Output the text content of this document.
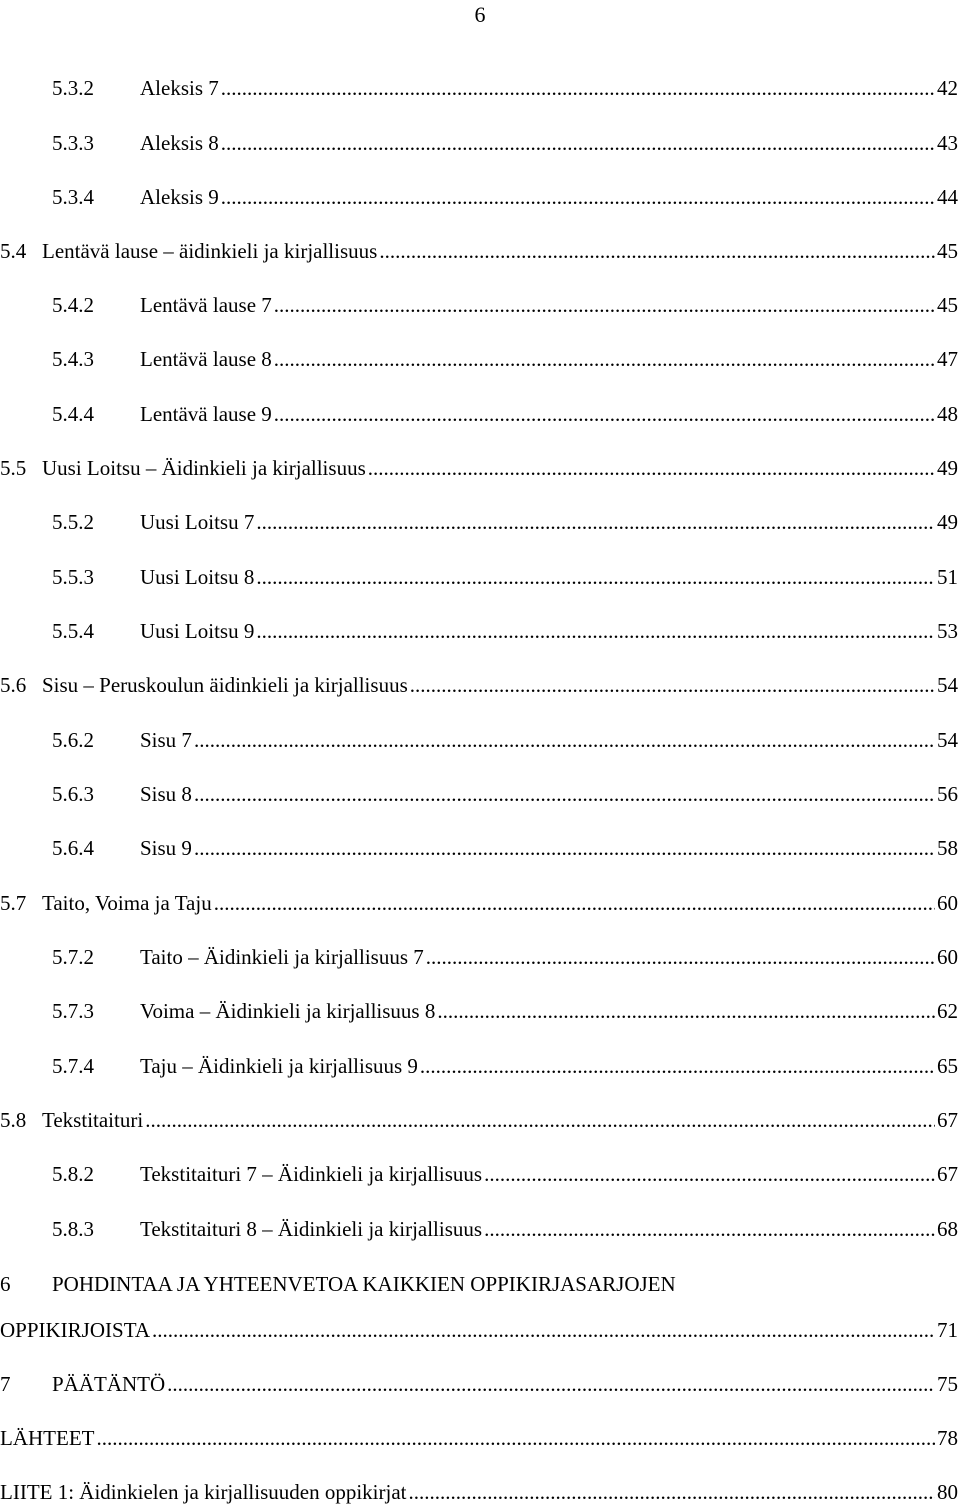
6
5.3.2	Aleksis 7 .....	42
5.3.3	Aleksis 8 .....	43
5.3.4	Aleksis 9 .....	44
5.4 Lentävä lause – äidinkieli ja kirjallisuus .....	45
5.4.2	Lentävä lause 7 .....	45
5.4.3	Lentävä lause 8 .....	47
5.4.4	Lentävä lause 9 .....	48
5.5 Uusi Loitsu – Äidinkieli ja kirjallisuus .....	49
5.5.2	Uusi Loitsu 7 .....	49
5.5.3	Uusi Loitsu 8 .....	51
5.5.4	Uusi Loitsu 9 .....	53
5.6 Sisu – Peruskoulun äidinkieli ja kirjallisuus .....	54
5.6.2	Sisu 7 .....	54
5.6.3	Sisu 8 .....	56
5.6.4	Sisu 9 .....	58
5.7 Taito, Voima ja Taju .....	60
5.7.2	Taito – Äidinkieli ja kirjallisuus 7 .....	60
5.7.3	Voima – Äidinkieli ja kirjallisuus 8 .....	62
5.7.4	Taju – Äidinkieli ja kirjallisuus 9 .....	65
5.8 Tekstitaituri .....	67
5.8.2	Tekstitaituri 7 – Äidinkieli ja kirjallisuus .....	67
5.8.3	Tekstitaituri 8 – Äidinkieli ja kirjallisuus .....	68
6 POHDINTAA JA YHTEENVETOA KAIKKIEN OPPIKIRJASARJOJEN
OPPIKIRJOISTA .....	71
7	PÄÄTÄNTÖ .....	75
LÄHTEET .....	78
LIITE 1: Äidinkielen ja kirjallisuuden oppikirjat .....	80
